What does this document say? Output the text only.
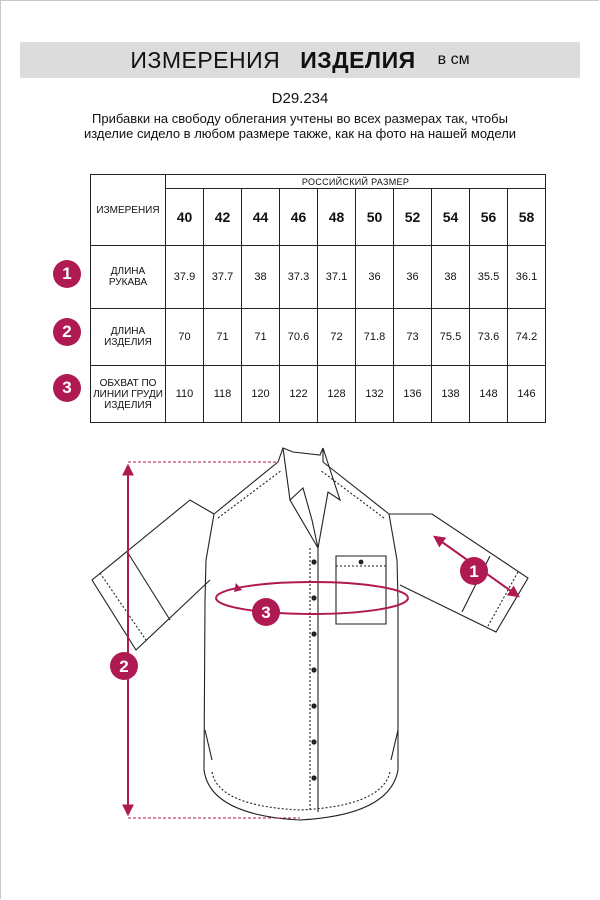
ИЗМЕРЕНИЯ ИЗДЕЛИЯ в см
D29.234
Прибавки на свободу облегания учтены во всех размерах так, чтобы изделие сидело в любом размере также, как на фото на нашей модели
ИЗМЕРЕНИЯ	РОССИЙСКИЙ РАЗМЕР									
	40	42	44	46	48	50	52	54	56	58
ДЛИНА РУКАВА	37.9	37.7	38	37.3	37.1	36	36	38	35.5	36.1
ДЛИНА ИЗДЕЛИЯ	70	71	71	70.6	72	71.8	73	75.5	73.6	74.2
ОБХВАТ ПО ЛИНИИ ГРУДИ ИЗДЕЛИЯ	110	118	120	122	128	132	136	138	148	146
1
2
3
1
2
3
